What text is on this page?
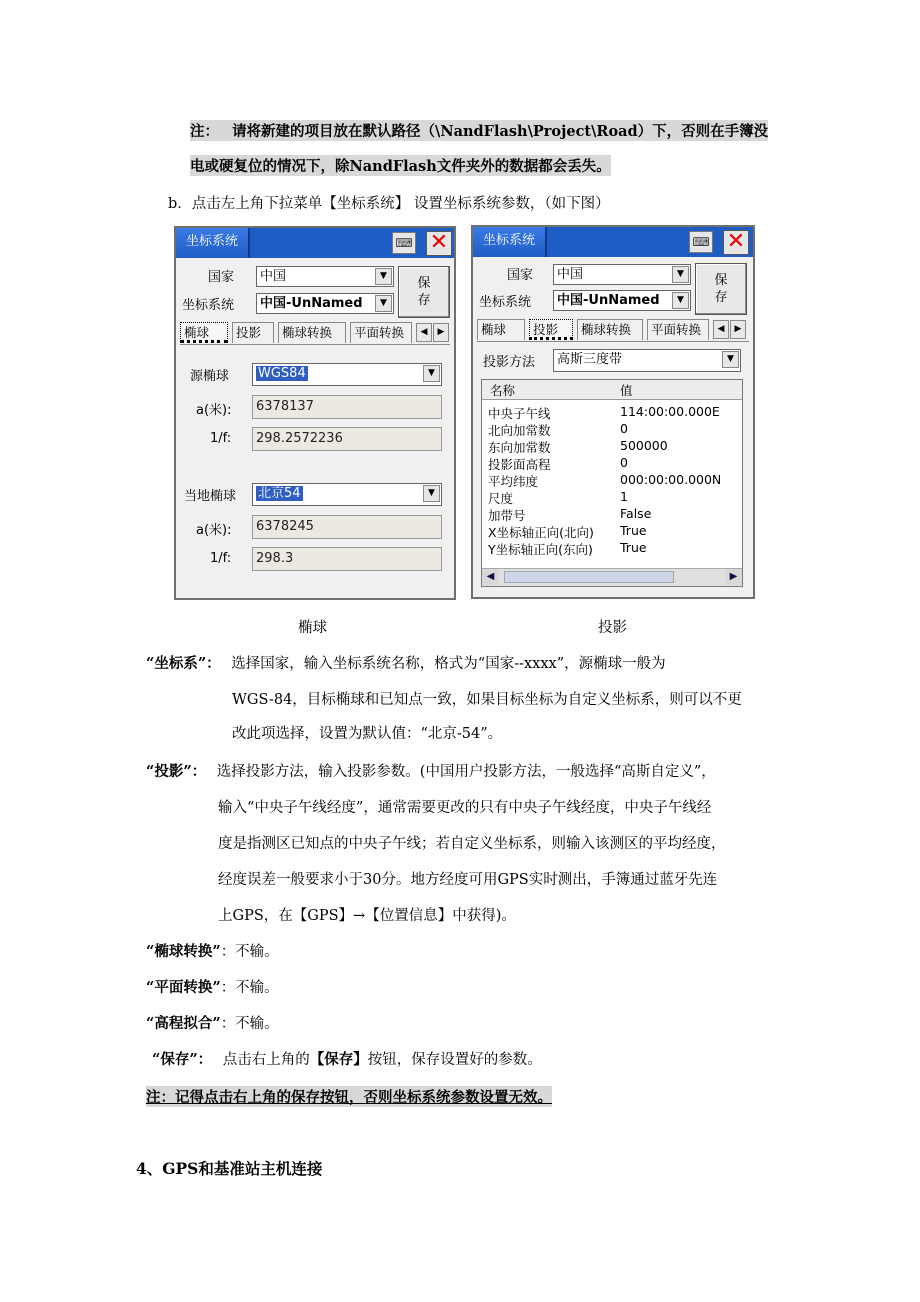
注： 请将新建的项目放在默认路径（\NandFlash\Project\Road）下，否则在手簿没
电或硬复位的情况下，除NandFlash文件夹外的数据都会丢失。
b．点击左上角下拉菜单【坐标系统】 设置坐标系统参数，（如下图）
坐标系统	⌨ ✕
国家	中国	▼
坐标系统	中国-UnNamed	▼
保
存
椭球	投影	椭球转换	平面转换	◀	▶
源椭球	WGS84	▼
a(米):	6378137
1/f:	298.2572236
当地椭球	北京54	▼
a(米):	6378245
1/f:	298.3
坐标系统	⌨ ✕
国家	中国	▼
坐标系统	中国-UnNamed	▼
保
存
椭球	投影	椭球转换	平面转换	◀	▶
投影方法	高斯三度带	▼
名称	值
中央子午线	114:00:00.000E
北向加常数	0
东向加常数	500000
投影面高程	0
平均纬度	000:00:00.000N
尺度	1
加带号	False
X坐标轴正向(北向) True
Y坐标轴正向(东向) True
◀	▶
椭球	投影
“坐标系”： 选择国家，输入坐标系统名称，格式为“国家--xxxx”，源椭球一般为
WGS-84，目标椭球和已知点一致，如果目标坐标为自定义坐标系，则可以不更
改此项选择，设置为默认值：“北京-54”。
“投影”： 选择投影方法，输入投影参数。(中国用户投影方法，一般选择“高斯自定义”，
输入“中央子午线经度”，通常需要更改的只有中央子午线经度，中央子午线经
度是指测区已知点的中央子午线；若自定义坐标系，则输入该测区的平均经度，
经度误差一般要求小于30分。地方经度可用GPS实时测出，手簿通过蓝牙先连
上GPS，在【GPS】→【位置信息】中获得)。
“椭球转换”：不输。
“平面转换”：不输。
“高程拟合”：不输。
“保存”： 点击右上角的【保存】按钮，保存设置好的参数。
注：记得点击右上角的保存按钮，否则坐标系统参数设置无效。
4、GPS和基准站主机连接
